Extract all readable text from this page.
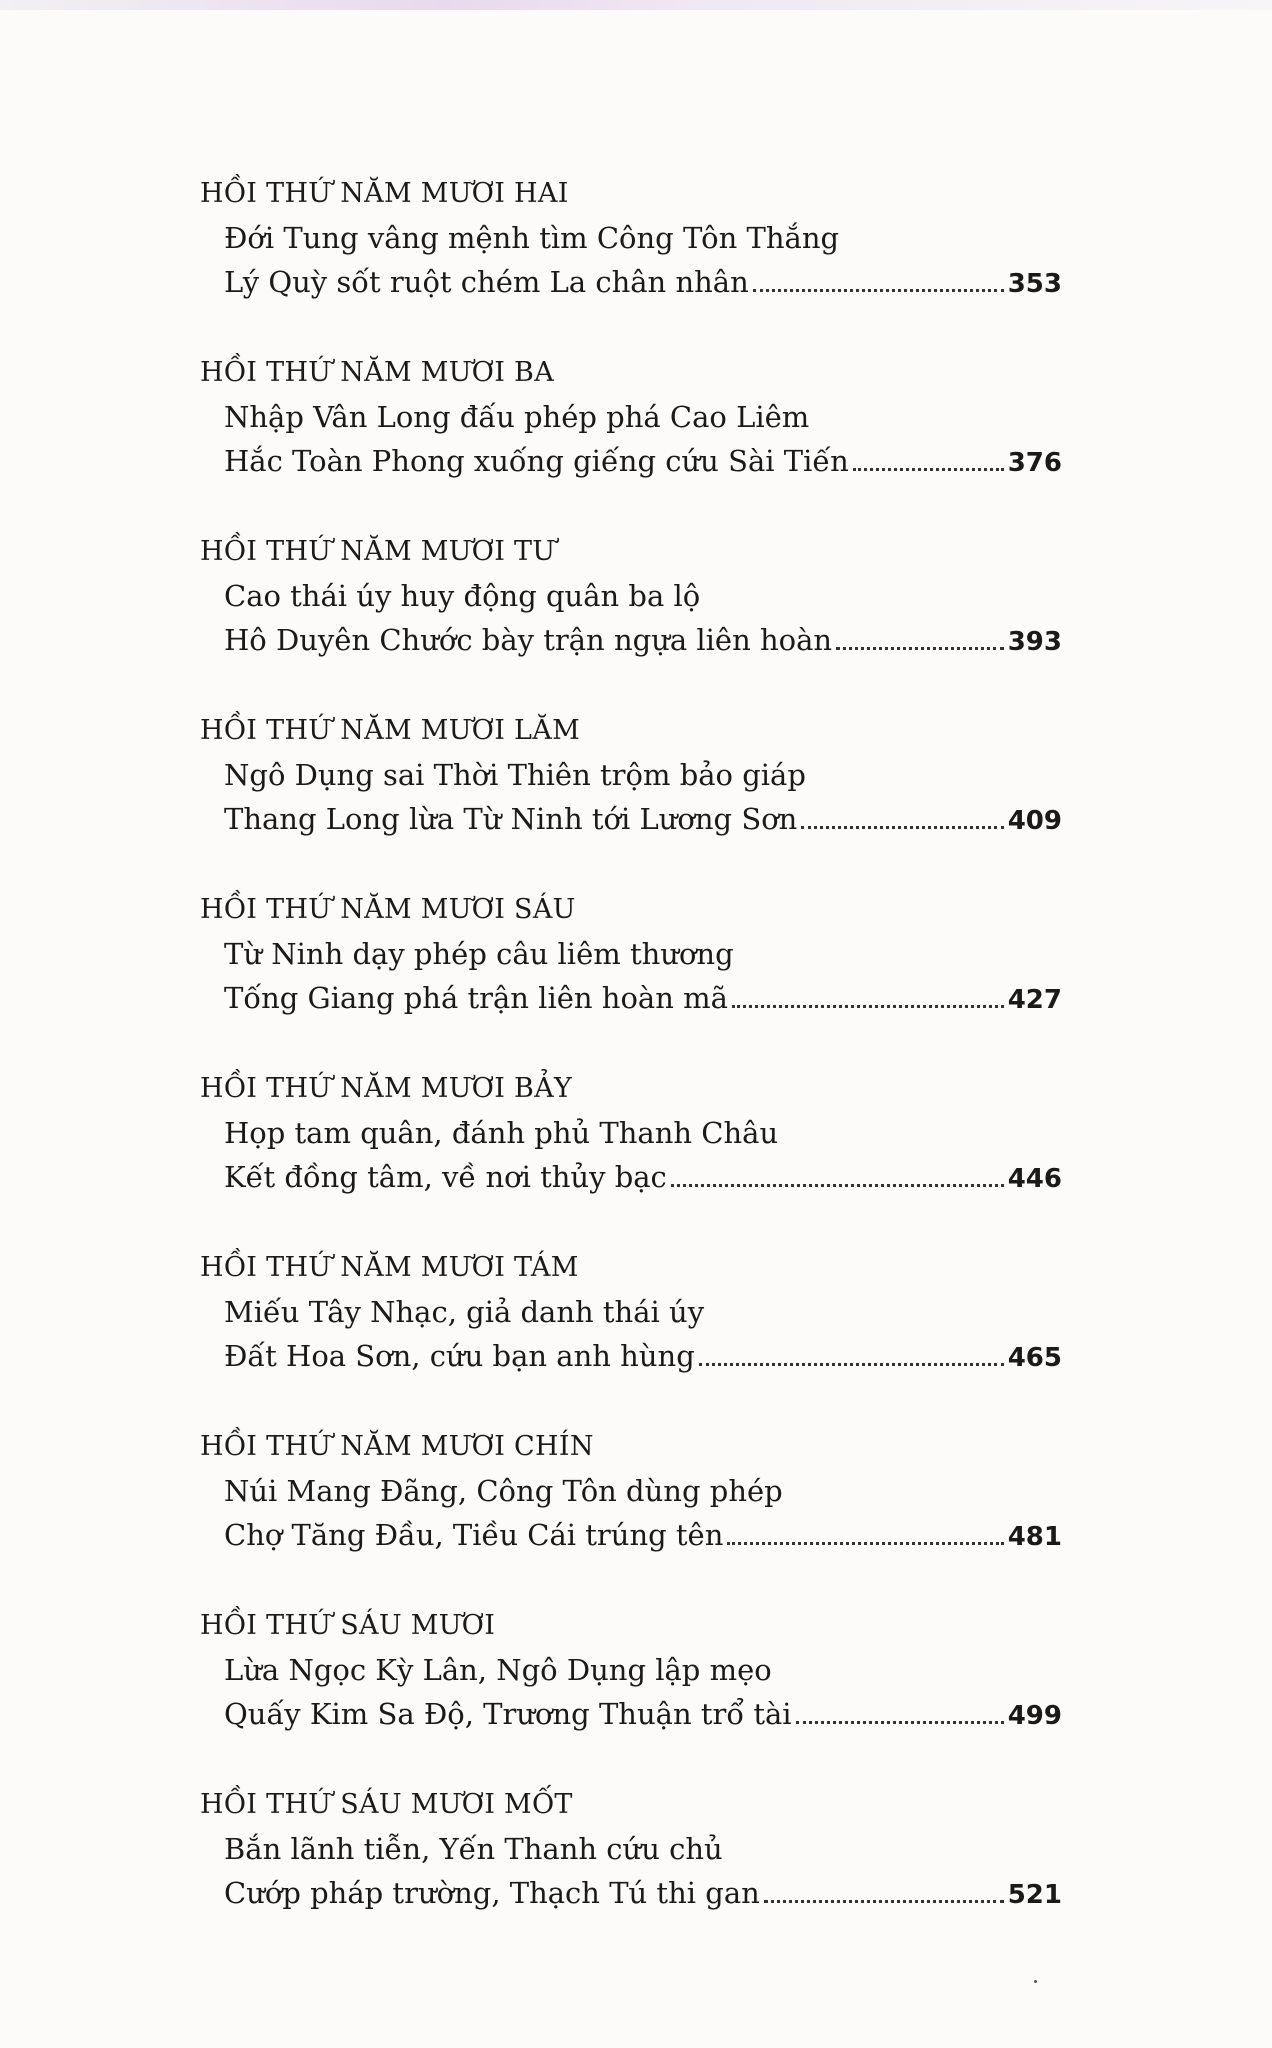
HỒI THỨ NĂM MƯƠI HAI
Đới Tung vâng mệnh tìm Công Tôn Thắng
Lý Quỳ sốt ruột chém La chân nhân	353
HỒI THỨ NĂM MƯƠI BA
Nhập Vân Long đấu phép phá Cao Liêm
Hắc Toàn Phong xuống giếng cứu Sài Tiến	376
HỒI THỨ NĂM MƯƠI TƯ
Cao thái úy huy động quân ba lộ
Hô Duyên Chước bày trận ngựa liên hoàn	393
HỒI THỨ NĂM MƯƠI LĂM
Ngô Dụng sai Thời Thiên trộm bảo giáp
Thang Long lừa Từ Ninh tới Lương Sơn	409
HỒI THỨ NĂM MƯƠI SÁU
Từ Ninh dạy phép câu liêm thương
Tống Giang phá trận liên hoàn mã	427
HỒI THỨ NĂM MƯƠI BẢY
Họp tam quân, đánh phủ Thanh Châu
Kết đồng tâm, về nơi thủy bạc	446
HỒI THỨ NĂM MƯƠI TÁM
Miếu Tây Nhạc, giả danh thái úy
Đất Hoa Sơn, cứu bạn anh hùng	465
HỒI THỨ NĂM MƯƠI CHÍN
Núi Mang Đãng, Công Tôn dùng phép
Chợ Tăng Đầu, Tiều Cái trúng tên	481
HỒI THỨ SÁU MƯƠI
Lừa Ngọc Kỳ Lân, Ngô Dụng lập mẹo
Quấy Kim Sa Độ, Trương Thuận trổ tài	499
HỒI THỨ SÁU MƯƠI MỐT
Bắn lãnh tiễn, Yến Thanh cứu chủ
Cướp pháp trường, Thạch Tú thi gan	521
